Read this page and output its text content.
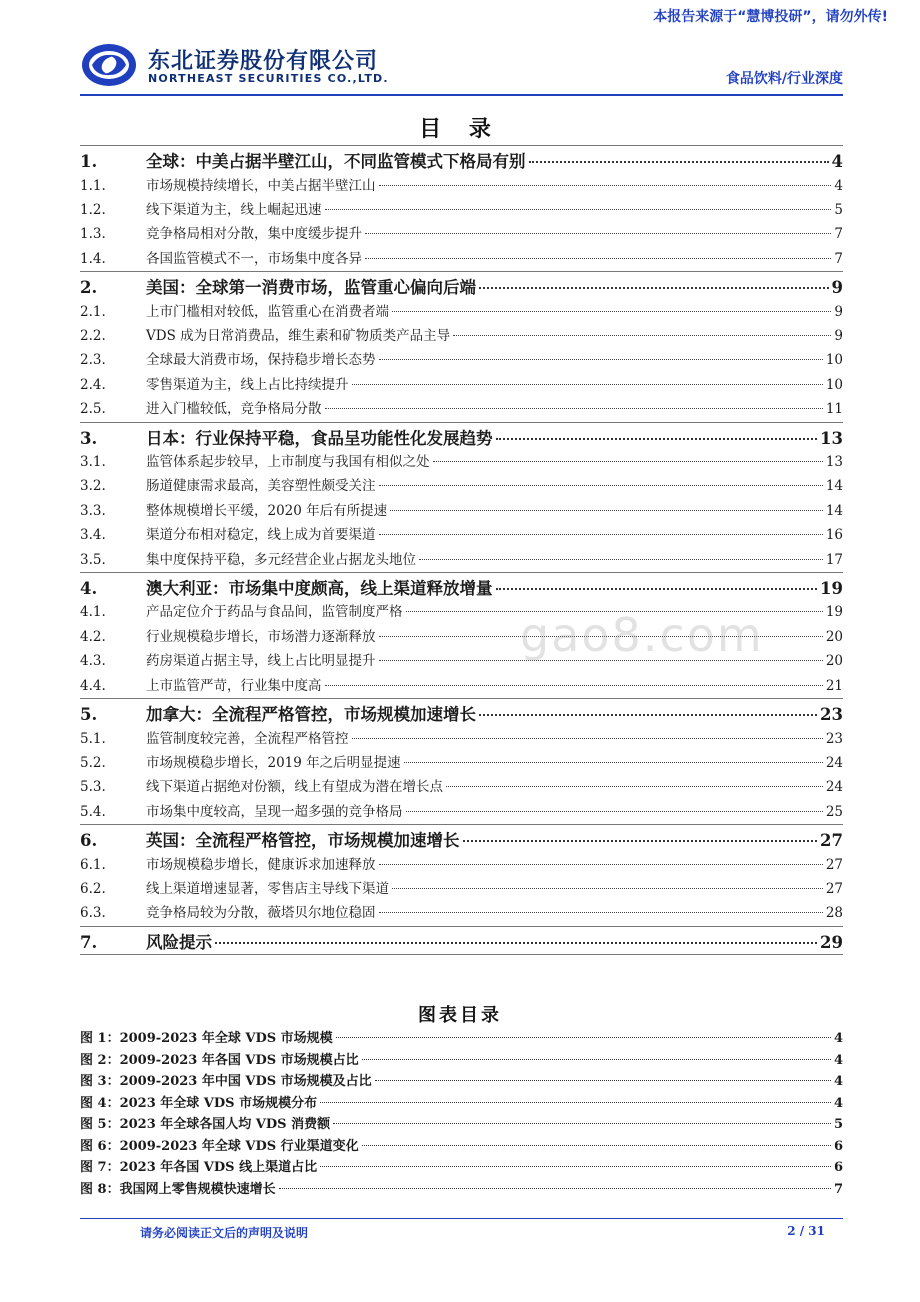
本报告来源于“慧博投研”，请勿外传!
东北证券股份有限公司
NORTHEAST SECURITIES CO.,LTD.	食品饮料/行业深度
目 录
1.	全球：中美占据半壁江山，不同监管模式下格局有别	4
1.1.	市场规模持续增长，中美占据半壁江山	4
1.2.	线下渠道为主，线上崛起迅速	5
1.3.	竞争格局相对分散，集中度缓步提升	7
1.4.	各国监管模式不一，市场集中度各异	7
2.	美国：全球第一消费市场，监管重心偏向后端	9
2.1.	上市门槛相对较低，监管重心在消费者端	9
2.2.	VDS 成为日常消费品，维生素和矿物质类产品主导	9
2.3.	全球最大消费市场，保持稳步增长态势	10
2.4.	零售渠道为主，线上占比持续提升	10
2.5.	进入门槛较低，竞争格局分散	11
3.	日本：行业保持平稳，食品呈功能性化发展趋势	13
3.1.	监管体系起步较早，上市制度与我国有相似之处	13
3.2.	肠道健康需求最高，美容塑性颇受关注	14
3.3.	整体规模增长平缓，2020 年后有所提速	14
3.4.	渠道分布相对稳定，线上成为首要渠道	16
3.5.	集中度保持平稳，多元经营企业占据龙头地位	17
4.	澳大利亚：市场集中度颇高，线上渠道释放增量	19
4.1.	产品定位介于药品与食品间，监管制度严格	19
4.2.	行业规模稳步增长，市场潜力逐渐释放	20
4.3.	药房渠道占据主导，线上占比明显提升	20
4.4.	上市监管严苛，行业集中度高	21
5.	加拿大：全流程严格管控，市场规模加速增长	23
5.1.	监管制度较完善，全流程严格管控	23
5.2.	市场规模稳步增长，2019 年之后明显提速	24
5.3.	线下渠道占据绝对份额，线上有望成为潜在增长点	24
5.4.	市场集中度较高，呈现一超多强的竞争格局	25
6.	英国：全流程严格管控，市场规模加速增长	27
6.1.	市场规模稳步增长，健康诉求加速释放	27
6.2.	线上渠道增速显著，零售店主导线下渠道	27
6.3.	竞争格局较为分散，薇塔贝尔地位稳固	28
7.	风险提示	29
gao8.com
图表目录
图 1：2009-2023 年全球 VDS 市场规模	4
图 2：2009-2023 年各国 VDS 市场规模占比	4
图 3：2009-2023 年中国 VDS 市场规模及占比	4
图 4：2023 年全球 VDS 市场规模分布	4
图 5：2023 年全球各国人均 VDS 消费额	5
图 6：2009-2023 年全球 VDS 行业渠道变化	6
图 7：2023 年各国 VDS 线上渠道占比	6
图 8：我国网上零售规模快速增长	7
请务必阅读正文后的声明及说明	2 / 31
